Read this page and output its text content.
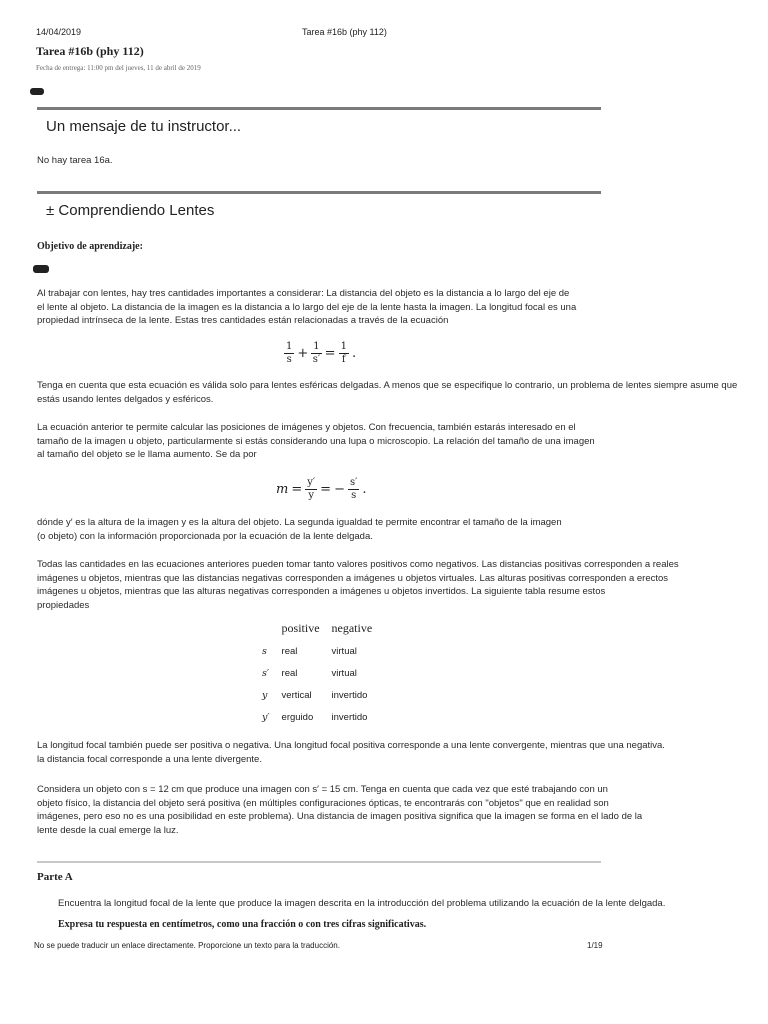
14/04/2019	Tarea #16b (phy 112)
Tarea #16b (phy 112)
Fecha de entrega: 11:00 pm del jueves, 11 de abril de 2019
Un mensaje de tu instructor...
No hay tarea 16a.
± Comprendiendo Lentes
Objetivo de aprendizaje:
Al trabajar con lentes, hay tres cantidades importantes a considerar: La distancia del objeto es la distancia a lo largo del eje de
el lente al objeto. La distancia de la imagen es la distancia a lo largo del eje de la lente hasta la imagen. La longitud focal es una
propiedad intrínseca de la lente. Estas tres cantidades están relacionadas a través de la ecuación
$\frac{1}{s} + \frac{1}{s'} = \frac{1}{f}$ .
Tenga en cuenta que esta ecuación es válida solo para lentes esféricas delgadas. A menos que se especifique lo contrario, un problema de lentes siempre asume que
estás usando lentes delgados y esféricos.
La ecuación anterior te permite calcular las posiciones de imágenes y objetos. Con frecuencia, también estarás interesado en el
tamaño de la imagen u objeto, particularmente si estás considerando una lupa o microscopio. La relación del tamaño de una imagen
al tamaño del objeto se le llama aumento. Se da por
$m = \frac{y'}{y}$ = − $\frac{s'}{s}$ .
dónde y′ es la altura de la imagen y es la altura del objeto. La segunda igualdad te permite encontrar el tamaño de la imagen
(o objeto) con la información proporcionada por la ecuación de la lente delgada.
Todas las cantidades en las ecuaciones anteriores pueden tomar tanto valores positivos como negativos. Las distancias positivas corresponden a reales
imágenes u objetos, mientras que las distancias negativas corresponden a imágenes u objetos virtuales. Las alturas positivas corresponden a erectos
imágenes u objetos, mientras que las alturas negativas corresponden a imágenes u objetos invertidos. La siguiente tabla resume estos
propiedades
	positive	negative
s	real	virtual
s′	real	virtual
y	vertical	invertido
y′	erguido	invertido
La longitud focal también puede ser positiva o negativa. Una longitud focal positiva corresponde a una lente convergente, mientras que una negativa.
la distancia focal corresponde a una lente divergente.
Considera un objeto con s = 12 cm que produce una imagen con s′ = 15 cm. Tenga en cuenta que cada vez que esté trabajando con un
objeto físico, la distancia del objeto será positiva (en múltiples configuraciones ópticas, te encontrarás con "objetos" que en realidad son
imágenes, pero eso no es una posibilidad en este problema). Una distancia de imagen positiva significa que la imagen se forma en el lado de la
lente desde la cual emerge la luz.
Parte A
Encuentra la longitud focal de la lente que produce la imagen descrita en la introducción del problema utilizando la ecuación de la lente delgada.
Expresa tu respuesta en centímetros, como una fracción o con tres cifras significativas.
No se puede traducir un enlace directamente. Proporcione un texto para la traducción.	1/19
